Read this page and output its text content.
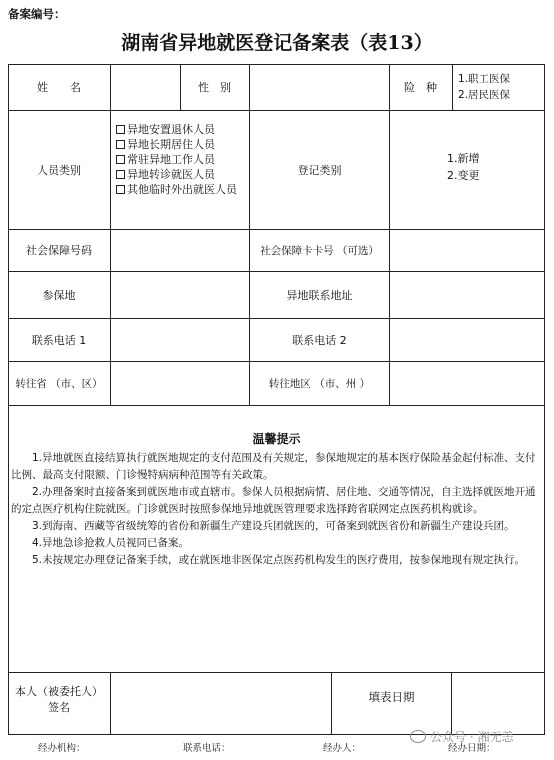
备案编号：
湖南省异地就医登记备案表（表13）
姓　　名	性　别	险　种
1.职工医保
2.居民医保
人员类别
异地安置退休人员
异地长期居住人员
常驻异地工作人员
异地转诊就医人员
其他临时外出就医人员
登记类别
1.新增
2.变更
社会保障号码	社会保障卡卡号 （可选）
参保地	异地联系地址
联系电话 1	联系电话 2
转往省 （市、区）	转往地区 （市、州 ）
温馨提示

1.异地就医直接结算执行就医地规定的支付范围及有关规定，参保地规定的基本医疗保险基金起付标准、支付比例、最高支付限额、门诊慢特病病种范围等有关政策。

2.办理备案时直接备案到就医地市或直辖市。参保人员根据病情、居住地、交通等情况，自主选择就医地开通的定点医疗机构住院就医。门诊就医时按照参保地异地就医管理要求选择跨省联网定点医药机构就诊。

3.到海南、西藏等省级统筹的省份和新疆生产建设兵团就医的，可备案到就医省份和新疆生产建设兵团。

4.异地急诊抢救人员视同已备案。

5.未按规定办理登记备案手续，或在就医地非医保定点医药机构发生的医疗费用，按参保地现有规定执行。

本人（被委托人）
签名
填表日期
公众号 · 湘无恙
经办机构：	联系电话：	经办人：	经办日期：
